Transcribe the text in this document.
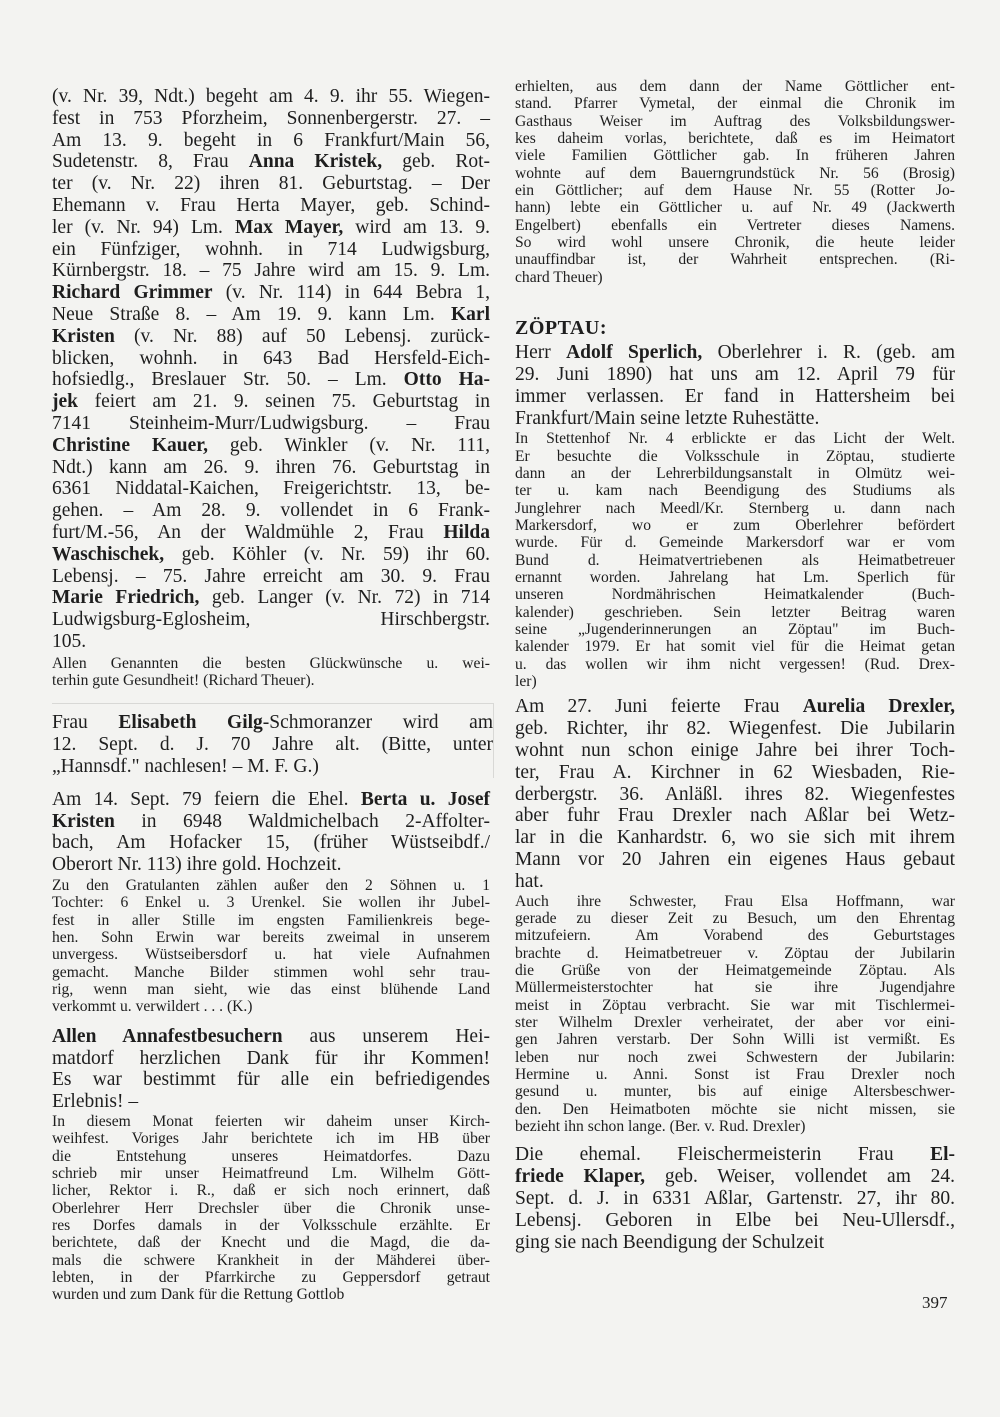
(v. Nr. 39, Ndt.) begeht am 4. 9. ihr 55. Wiegen-
fest in 753 Pforzheim, Sonnenbergerstr. 27. –
Am 13. 9. begeht in 6 Frankfurt/Main 56,
Sudetenstr. 8, Frau Anna Kristek, geb. Rot-
ter (v. Nr. 22) ihren 81. Geburtstag. – Der
Ehemann v. Frau Herta Mayer, geb. Schind-
ler (v. Nr. 94) Lm. Max Mayer, wird am 13. 9.
ein Fünfziger, wohnh. in 714 Ludwigsburg,
Kürnbergstr. 18. – 75 Jahre wird am 15. 9. Lm.
Richard Grimmer (v. Nr. 114) in 644 Bebra 1,
Neue Straße 8. – Am 19. 9. kann Lm. Karl
Kristen (v. Nr. 88) auf 50 Lebensj. zurück-
blicken, wohnh. in 643 Bad Hersfeld-Eich-
hofsiedlg., Breslauer Str. 50. – Lm. Otto Ha-
jek feiert am 21. 9. seinen 75. Geburtstag in
7141 Steinheim-Murr/Ludwigsburg. – Frau
Christine Kauer, geb. Winkler (v. Nr. 111,
Ndt.) kann am 26. 9. ihren 76. Geburtstag in
6361 Niddatal-Kaichen, Freigerichtstr. 13, be-
gehen. – Am 28. 9. vollendet in 6 Frank-
furt/M.-56, An der Waldmühle 2, Frau Hilda
Waschischek, geb. Köhler (v. Nr. 59) ihr 60.
Lebensj. – 75. Jahre erreicht am 30. 9. Frau
Marie Friedrich, geb. Langer (v. Nr. 72) in 714
Ludwigsburg-Eglosheim, Hirschbergstr.
105.
Allen Genannten die besten Glückwünsche u. wei-
terhin gute Gesundheit! (Richard Theuer).
Frau Elisabeth Gilg-Schmoranzer wird am
12. Sept. d. J. 70 Jahre alt. (Bitte, unter
„Hannsdf." nachlesen! – M. F. G.)
Am 14. Sept. 79 feiern die Ehel. Berta u. Josef
Kristen in 6948 Waldmichelbach 2-Affolter-
bach, Am Hofacker 15, (früher Wüstseibdf./
Oberort Nr. 113) ihre gold. Hochzeit.
Zu den Gratulanten zählen außer den 2 Söhnen u. 1
Tochter: 6 Enkel u. 3 Urenkel. Sie wollen ihr Jubel-
fest in aller Stille im engsten Familienkreis bege-
hen. Sohn Erwin war bereits zweimal in unserem
unvergess. Wüstseibersdorf u. hat viele Aufnahmen
gemacht. Manche Bilder stimmen wohl sehr trau-
rig, wenn man sieht, wie das einst blühende Land
verkommt u. verwildert . . . (K.)
Allen Annafestbesuchern aus unserem Hei-
matdorf herzlichen Dank für ihr Kommen!
Es war bestimmt für alle ein befriedigendes
Erlebnis! –
In diesem Monat feierten wir daheim unser Kirch-
weihfest. Voriges Jahr berichtete ich im HB über
die Entstehung unseres Heimatdorfes. Dazu
schrieb mir unser Heimatfreund Lm. Wilhelm Gött-
licher, Rektor i. R., daß er sich noch erinnert, daß
Oberlehrer Herr Drechsler über die Chronik unse-
res Dorfes damals in der Volksschule erzählte. Er
berichtete, daß der Knecht und die Magd, die da-
mals die schwere Krankheit in der Mähderei über-
lebten, in der Pfarrkirche zu Geppersdorf getraut
wurden und zum Dank für die Rettung Gottlob
erhielten, aus dem dann der Name Göttlicher ent-
stand. Pfarrer Vymetal, der einmal die Chronik im
Gasthaus Weiser im Auftrag des Volksbildungswer-
kes daheim vorlas, berichtete, daß es im Heimatort
viele Familien Göttlicher gab. In früheren Jahren
wohnte auf dem Bauerngrundstück Nr. 56 (Brosig)
ein Göttlicher; auf dem Hause Nr. 55 (Rotter Jo-
hann) lebte ein Göttlicher u. auf Nr. 49 (Jackwerth
Engelbert) ebenfalls ein Vertreter dieses Namens.
So wird wohl unsere Chronik, die heute leider
unauffindbar ist, der Wahrheit entsprechen. (Ri-
chard Theuer)
ZÖPTAU:
Herr Adolf Sperlich, Oberlehrer i. R. (geb. am
29. Juni 1890) hat uns am 12. April 79 für
immer verlassen. Er fand in Hattersheim bei
Frankfurt/Main seine letzte Ruhestätte.
In Stettenhof Nr. 4 erblickte er das Licht der Welt.
Er besuchte die Volksschule in Zöptau, studierte
dann an der Lehrerbildungsanstalt in Olmütz wei-
ter u. kam nach Beendigung des Studiums als
Junglehrer nach Meedl/Kr. Sternberg u. dann nach
Markersdorf, wo er zum Oberlehrer befördert
wurde. Für d. Gemeinde Markersdorf war er vom
Bund d. Heimatvertriebenen als Heimatbetreuer
ernannt worden. Jahrelang hat Lm. Sperlich für
unseren Nordmährischen Heimatkalender (Buch-
kalender) geschrieben. Sein letzter Beitrag waren
seine „Jugenderinnerungen an Zöptau" im Buch-
kalender 1979. Er hat somit viel für die Heimat getan
u. das wollen wir ihm nicht vergessen! (Rud. Drex-
ler)
Am 27. Juni feierte Frau Aurelia Drexler,
geb. Richter, ihr 82. Wiegenfest. Die Jubilarin
wohnt nun schon einige Jahre bei ihrer Toch-
ter, Frau A. Kirchner in 62 Wiesbaden, Rie-
derbergstr. 36. Anläßl. ihres 82. Wiegenfestes
aber fuhr Frau Drexler nach Aßlar bei Wetz-
lar in die Kanhardstr. 6, wo sie sich mit ihrem
Mann vor 20 Jahren ein eigenes Haus gebaut
hat.
Auch ihre Schwester, Frau Elsa Hoffmann, war
gerade zu dieser Zeit zu Besuch, um den Ehrentag
mitzufeiern. Am Vorabend des Geburtstages
brachte d. Heimatbetreuer v. Zöptau der Jubilarin
die Grüße von der Heimatgemeinde Zöptau. Als
Müllermeisterstochter hat sie ihre Jugendjahre
meist in Zöptau verbracht. Sie war mit Tischlermei-
ster Wilhelm Drexler verheiratet, der aber vor eini-
gen Jahren verstarb. Der Sohn Willi ist vermißt. Es
leben nur noch zwei Schwestern der Jubilarin:
Hermine u. Anni. Sonst ist Frau Drexler noch
gesund u. munter, bis auf einige Altersbeschwer-
den. Den Heimatboten möchte sie nicht missen, sie
bezieht ihn schon lange. (Ber. v. Rud. Drexler)
Die ehemal. Fleischermeisterin Frau El-
friede Klaper, geb. Weiser, vollendet am 24.
Sept. d. J. in 6331 Aßlar, Gartenstr. 27, ihr 80.
Lebensj. Geboren in Elbe bei Neu-Ullersdf.,
ging sie nach Beendigung der Schulzeit
397
